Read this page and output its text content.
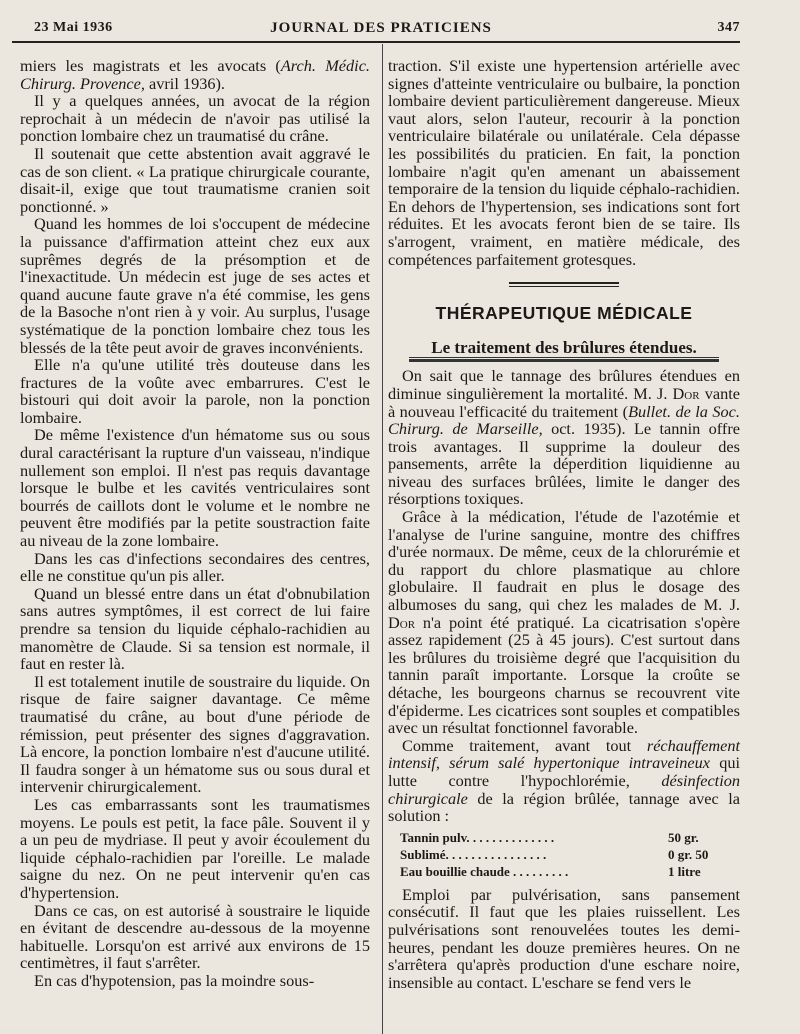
23 Mai 1936	JOURNAL DES PRATICIENS	347

miers les magistrats et les avocats (Arch. Médic. Chirurg. Provence, avril 1936).

Il y a quelques années, un avocat de la région reprochait à un médecin de n'avoir pas utilisé la ponction lombaire chez un traumatisé du crâne.

Il soutenait que cette abstention avait aggravé le cas de son client. « La pratique chirurgicale courante, disait-il, exige que tout traumatisme cranien soit ponctionné. »

Quand les hommes de loi s'occupent de médecine la puissance d'affirmation atteint chez eux aux suprêmes degrés de la présomption et de l'inexactitude. Un médecin est juge de ses actes et quand aucune faute grave n'a été commise, les gens de la Basoche n'ont rien à y voir. Au surplus, l'usage systématique de la ponction lombaire chez tous les blessés de la tête peut avoir de graves inconvénients.

Elle n'a qu'une utilité très douteuse dans les fractures de la voûte avec embarrures. C'est le bistouri qui doit avoir la parole, non la ponction lombaire.

De même l'existence d'un hématome sus ou sous dural caractérisant la rupture d'un vaisseau, n'indique nullement son emploi. Il n'est pas requis davantage lorsque le bulbe et les cavités ventriculaires sont bourrés de caillots dont le volume et le nombre ne peuvent être modifiés par la petite soustraction faite au niveau de la zone lombaire.

Dans les cas d'infections secondaires des centres, elle ne constitue qu'un pis aller.

Quand un blessé entre dans un état d'obnubilation sans autres symptômes, il est correct de lui faire prendre sa tension du liquide céphalo-rachidien au manomètre de Claude. Si sa tension est normale, il faut en rester là.

Il est totalement inutile de soustraire du liquide. On risque de faire saigner davantage. Ce même traumatisé du crâne, au bout d'une période de rémission, peut présenter des signes d'aggravation. Là encore, la ponction lombaire n'est d'aucune utilité. Il faudra songer à un hématome sus ou sous dural et intervenir chirurgicalement.

Les cas embarrassants sont les traumatismes moyens. Le pouls est petit, la face pâle. Souvent il y a un peu de mydriase. Il peut y avoir écoulement du liquide céphalo-rachidien par l'oreille. Le malade saigne du nez. On ne peut intervenir qu'en cas d'hypertension.

Dans ce cas, on est autorisé à soustraire le liquide en évitant de descendre au-dessous de la moyenne habituelle. Lorsqu'on est arrivé aux environs de 15 centimètres, il faut s'arrêter.

En cas d'hypotension, pas la moindre sous-

traction. S'il existe une hypertension artérielle avec signes d'atteinte ventriculaire ou bulbaire, la ponction lombaire devient particulièrement dangereuse. Mieux vaut alors, selon l'auteur, recourir à la ponction ventriculaire bilatérale ou unilatérale. Cela dépasse les possibilités du praticien. En fait, la ponction lombaire n'agit qu'en amenant un abaissement temporaire de la tension du liquide céphalo-rachidien. En dehors de l'hypertension, ses indications sont fort réduites. Et les avocats feront bien de se taire. Ils s'arrogent, vraiment, en matière médicale, des compétences parfaitement grotesques.

THÉRAPEUTIQUE MÉDICALE
Le traitement des brûlures étendues.

On sait que le tannage des brûlures étendues en diminue singulièrement la mortalité. M. J. Dor vante à nouveau l'efficacité du traitement (Bullet. de la Soc. Chirurg. de Marseille, oct. 1935). Le tannin offre trois avantages. Il supprime la douleur des pansements, arrête la déperdition liquidienne au niveau des surfaces brûlées, limite le danger des résorptions toxiques.

Grâce à la médication, l'étude de l'azotémie et l'analyse de l'urine sanguine, montre des chiffres d'urée normaux. De même, ceux de la chlorurémie et du rapport du chlore plasmatique au chlore globulaire. Il faudrait en plus le dosage des albumoses du sang, qui chez les malades de M. J. Dor n'a point été pratiqué. La cicatrisation s'opère assez rapidement (25 à 45 jours). C'est surtout dans les brûlures du troisième degré que l'acquisition du tannin paraît importante. Lorsque la croûte se détache, les bourgeons charnus se recouvrent vite d'épiderme. Les cicatrices sont souples et compatibles avec un résultat fonctionnel favorable.

Comme traitement, avant tout réchauffement intensif, sérum salé hypertonique intraveineux qui lutte contre l'hypochlorémie, désinfection chirurgicale de la région brûlée, tannage avec la solution :

Tannin pulv. . . . . . . . . . . . . .	50 gr.
Sublimé. . . . . . . . . . . . . . . .	0 gr. 50
Eau bouillie chaude . . . . . . . . .	1 litre

Emploi par pulvérisation, sans pansement consécutif. Il faut que les plaies ruissellent. Les pulvérisations sont renouvelées toutes les demi-heures, pendant les douze premières heures. On ne s'arrêtera qu'après production d'une eschare noire, insensible au contact. L'eschare se fend vers le
